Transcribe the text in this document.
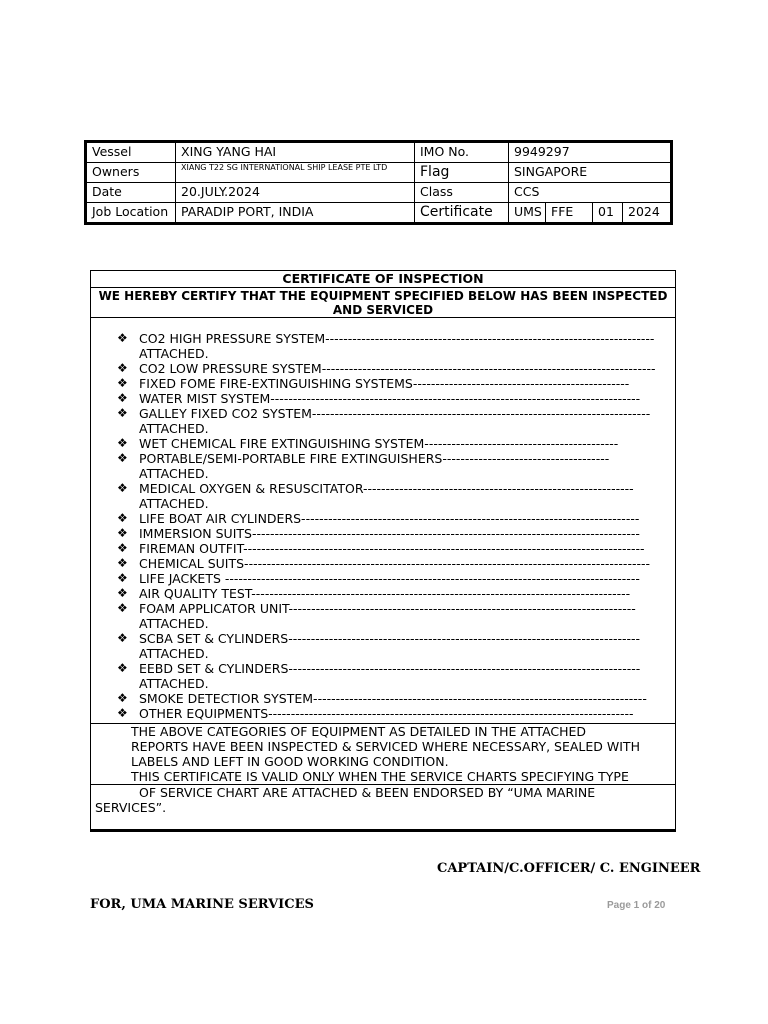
Vessel	XING YANG HAI	IMO No.	9949297
Owners	XIANG T22 SG INTERNATIONAL SHIP LEASE PTE LTD	Flag	SINGAPORE
Date	20.JULY.2024	Class	CCS
Job Location	PARADIP PORT, INDIA	Certificate	UMS	FFE	01	2024
CERTIFICATE OF INSPECTION
WE HEREBY CERTIFY THAT THE EQUIPMENT SPECIFIED BELOW HAS BEEN INSPECTED AND SERVICED
❖ CO2 HIGH PRESSURE SYSTEM-------------------------------------------------------------------------
ATTACHED.
❖ CO2 LOW PRESSURE SYSTEM--------------------------------------------------------------------------
❖ FIXED FOME FIRE-EXTINGUISHING SYSTEMS------------------------------------------------
❖ WATER MIST SYSTEM----------------------------------------------------------------------------------
❖ GALLEY FIXED CO2 SYSTEM---------------------------------------------------------------------------
ATTACHED.
❖ WET CHEMICAL FIRE EXTINGUISHING SYSTEM-------------------------------------------
❖ PORTABLE/SEMI-PORTABLE FIRE EXTINGUISHERS-------------------------------------
ATTACHED.
❖ MEDICAL OXYGEN & RESUSCITATOR------------------------------------------------------------
ATTACHED.
❖ LIFE BOAT AIR CYLINDERS---------------------------------------------------------------------------
❖ IMMERSION SUITS--------------------------------------------------------------------------------------
❖ FIREMAN OUTFIT-----------------------------------------------------------------------------------------
❖ CHEMICAL SUITS------------------------------------------------------------------------------------------
❖ LIFE JACKETS --------------------------------------------------------------------------------------------
❖ AIR QUALITY TEST------------------------------------------------------------------------------------
❖ FOAM APPLICATOR UNIT-----------------------------------------------------------------------------
ATTACHED.
❖ SCBA SET & CYLINDERS------------------------------------------------------------------------------
ATTACHED.
❖ EEBD SET & CYLINDERS------------------------------------------------------------------------------
ATTACHED.
❖ SMOKE DETECTIOR SYSTEM--------------------------------------------------------------------------
❖ OTHER EQUIPMENTS---------------------------------------------------------------------------------
THE ABOVE CATEGORIES OF EQUIPMENT AS DETAILED IN THE ATTACHED
REPORTS HAVE BEEN INSPECTED & SERVICED WHERE NECESSARY, SEALED WITH
LABELS AND LEFT IN GOOD WORKING CONDITION.
THIS CERTIFICATE IS VALID ONLY WHEN THE SERVICE CHARTS SPECIFYING TYPE
OF SERVICE CHART ARE ATTACHED & BEEN ENDORSED BY “UMA MARINE SERVICES”.
CAPTAIN/C.OFFICER/ C. ENGINEER
FOR, UMA MARINE SERVICES	Page 1 of 20
